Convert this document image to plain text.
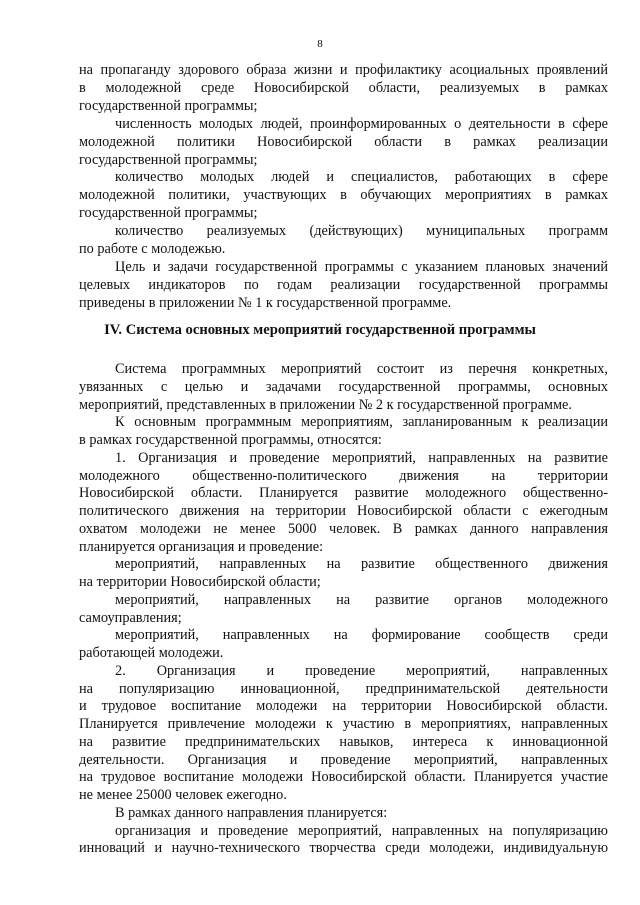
8
на пропаганду здорового образа жизни и профилактику асоциальных проявлений
в молодежной среде Новосибирской области, реализуемых в рамках
государственной программы;
численность молодых людей, проинформированных о деятельности в сфере
молодежной политики Новосибирской области в рамках реализации
государственной программы;
количество молодых людей и специалистов, работающих в сфере
молодежной политики, участвующих в обучающих мероприятиях в рамках
государственной программы;
количество реализуемых (действующих) муниципальных программ
по работе с молодежью.
Цель и задачи государственной программы с указанием плановых значений
целевых индикаторов по годам реализации государственной программы
приведены в приложении № 1 к государственной программе.
IV. Система основных мероприятий государственной программы
Система программных мероприятий состоит из перечня конкретных,
увязанных с целью и задачами государственной программы, основных
мероприятий, представленных в приложении № 2 к государственной программе.
К основным программным мероприятиям, запланированным к реализации
в рамках государственной программы, относятся:
1. Организация и проведение мероприятий, направленных на развитие
молодежного общественно-политического движения на территории
Новосибирской области. Планируется развитие молодежного общественно-
политического движения на территории Новосибирской области с ежегодным
охватом молодежи не менее 5000 человек. В рамках данного направления
планируется организация и проведение:
мероприятий, направленных на развитие общественного движения
на территории Новосибирской области;
мероприятий, направленных на развитие органов молодежного
самоуправления;
мероприятий, направленных на формирование сообществ среди
работающей молодежи.
2. Организация и проведение мероприятий, направленных
на популяризацию инновационной, предпринимательской деятельности
и трудовое воспитание молодежи на территории Новосибирской области.
Планируется привлечение молодежи к участию в мероприятиях, направленных
на развитие предпринимательских навыков, интереса к инновационной
деятельности. Организация и проведение мероприятий, направленных
на трудовое воспитание молодежи Новосибирской области. Планируется участие
не менее 25000 человек ежегодно.
В рамках данного направления планируется:
организация и проведение мероприятий, направленных на популяризацию
инноваций и научно-технического творчества среди молодежи, индивидуальную
